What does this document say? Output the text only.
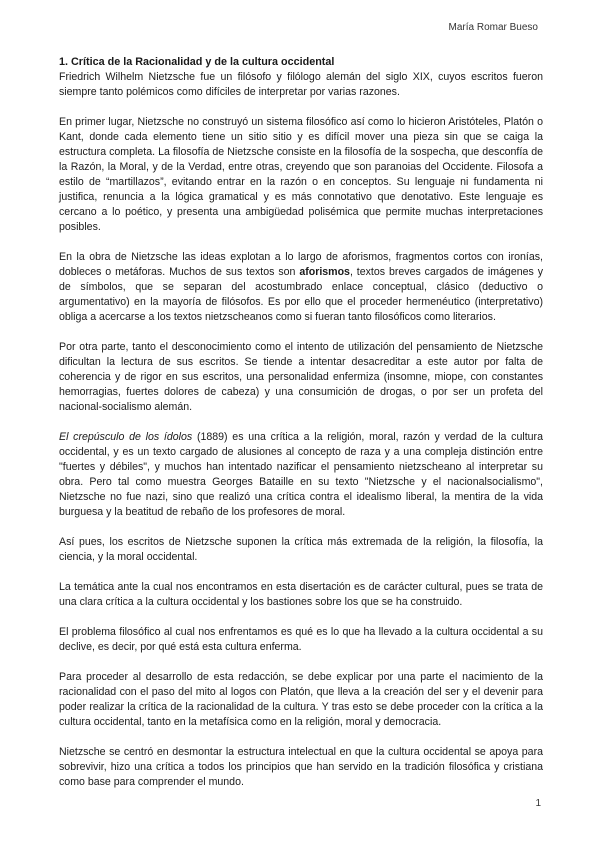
María Romar Bueso
1. Crítica de la Racionalidad y de la cultura occidental

Friedrich Wilhelm Nietzsche fue un filósofo y filólogo alemán del siglo XIX, cuyos escritos fueron siempre tanto polémicos como difíciles de interpretar por varias razones.

En primer lugar, Nietzsche no construyó un sistema filosófico así como lo hicieron Aristóteles, Platón o Kant, donde cada elemento tiene un sitio sitio y es difícil mover una pieza sin que se caiga la estructura completa. La filosofía de Nietzsche consiste en la filosofía de la sospecha, que desconfía de la Razón, la Moral, y de la Verdad, entre otras, creyendo que son paranoias del Occidente. Filosofa a estilo de “martillazos”, evitando entrar en la razón o en conceptos. Su lenguaje ni fundamenta ni justifica, renuncia a la lógica gramatical y es más connotativo que denotativo. Este lenguaje es cercano a lo poético, y presenta una ambigüedad polisémica que permite muchas interpretaciones posibles.

En la obra de Nietzsche las ideas explotan a lo largo de aforismos, fragmentos cortos con ironías, dobleces o metáforas. Muchos de sus textos son aforismos, textos breves cargados de imágenes y de símbolos, que se separan del acostumbrado enlace conceptual, clásico (deductivo o argumentativo) en la mayoría de filósofos. Es por ello que el proceder hermenéutico (interpretativo) obliga a acercarse a los textos nietzscheanos como si fueran tanto filosóficos como literarios.

Por otra parte, tanto el desconocimiento como el intento de utilización del pensamiento de Nietzsche dificultan la lectura de sus escritos. Se tiende a intentar desacreditar a este autor por falta de coherencia y de rigor en sus escritos, una personalidad enfermiza (insomne, miope, con constantes hemorragias, fuertes dolores de cabeza) y una consumición de drogas, o por ser un profeta del nacional-socialismo alemán.

El crepúsculo de los ídolos (1889) es una crítica a la religión, moral, razón y verdad de la cultura occidental, y es un texto cargado de alusiones al concepto de raza y a una compleja distinción entre "fuertes y débiles", y muchos han intentado nazificar el pensamiento nietzscheano al interpretar su obra. Pero tal como muestra Georges Bataille en su texto "Nietzsche y el nacionalsocialismo", Nietzsche no fue nazi, sino que realizó una crítica contra el idealismo liberal, la mentira de la vida burguesa y la beatitud de rebaño de los profesores de moral.

Así pues, los escritos de Nietzsche suponen la crítica más extremada de la religión, la filosofía, la ciencia, y la moral occidental.

La temática ante la cual nos encontramos en esta disertación es de carácter cultural, pues se trata de una clara crítica a la cultura occidental y los bastiones sobre los que se ha construido.

El problema filosófico al cual nos enfrentamos es qué es lo que ha llevado a la cultura occidental a su declive, es decir, por qué está esta cultura enferma.

Para proceder al desarrollo de esta redacción, se debe explicar por una parte el nacimiento de la racionalidad con el paso del mito al logos con Platón, que lleva a la creación del ser y el devenir para poder realizar la crítica de la racionalidad de la cultura. Y tras esto se debe proceder con la crítica a la cultura occidental, tanto en la metafísica como en la religión, moral y democracia.

Nietzsche se centró en desmontar la estructura intelectual en que la cultura occidental se apoya para sobrevivir, hizo una crítica a todos los principios que han servido en la tradición filosófica y cristiana como base para comprender el mundo.

1
